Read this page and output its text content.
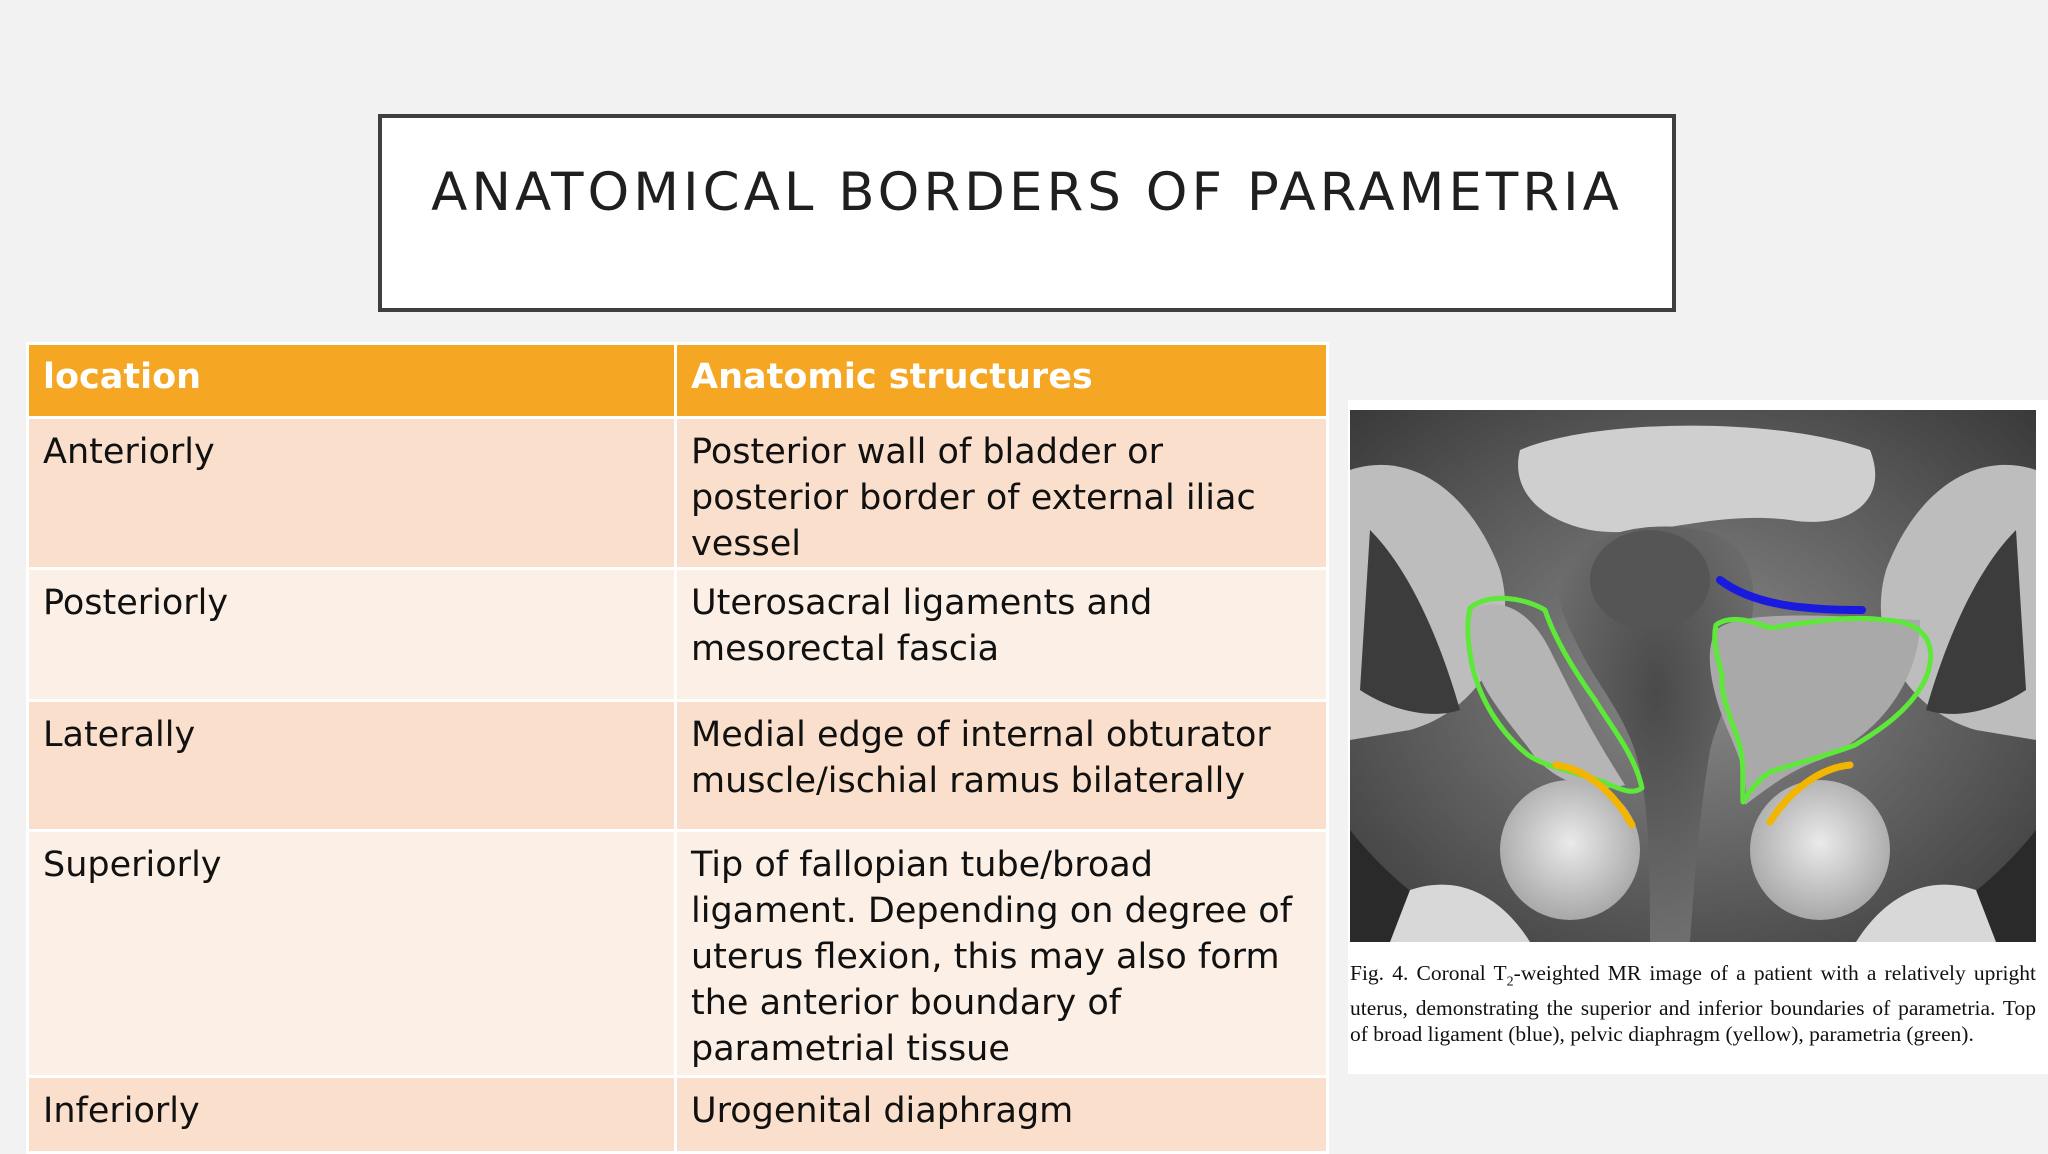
ANATOMICAL BORDERS OF PARAMETRIA
location	Anatomic structures
Anteriorly	Posterior wall of bladder or posterior border of external iliac vessel
Posteriorly	Uterosacral ligaments and mesorectal fascia
Laterally	Medial edge of internal obturator muscle/ischial ramus bilaterally
Superiorly	Tip of fallopian tube/broad ligament. Depending on degree of uterus flexion, this may also form the anterior boundary of parametrial tissue
Inferiorly	Urogenital diaphragm
Fig. 4. Coronal $T_2$-weighted MR image of a patient with a relatively upright uterus, demonstrating the superior and inferior boundaries of parametria. Top of broad ligament (blue), pelvic diaphragm (yellow), parametria (green).
